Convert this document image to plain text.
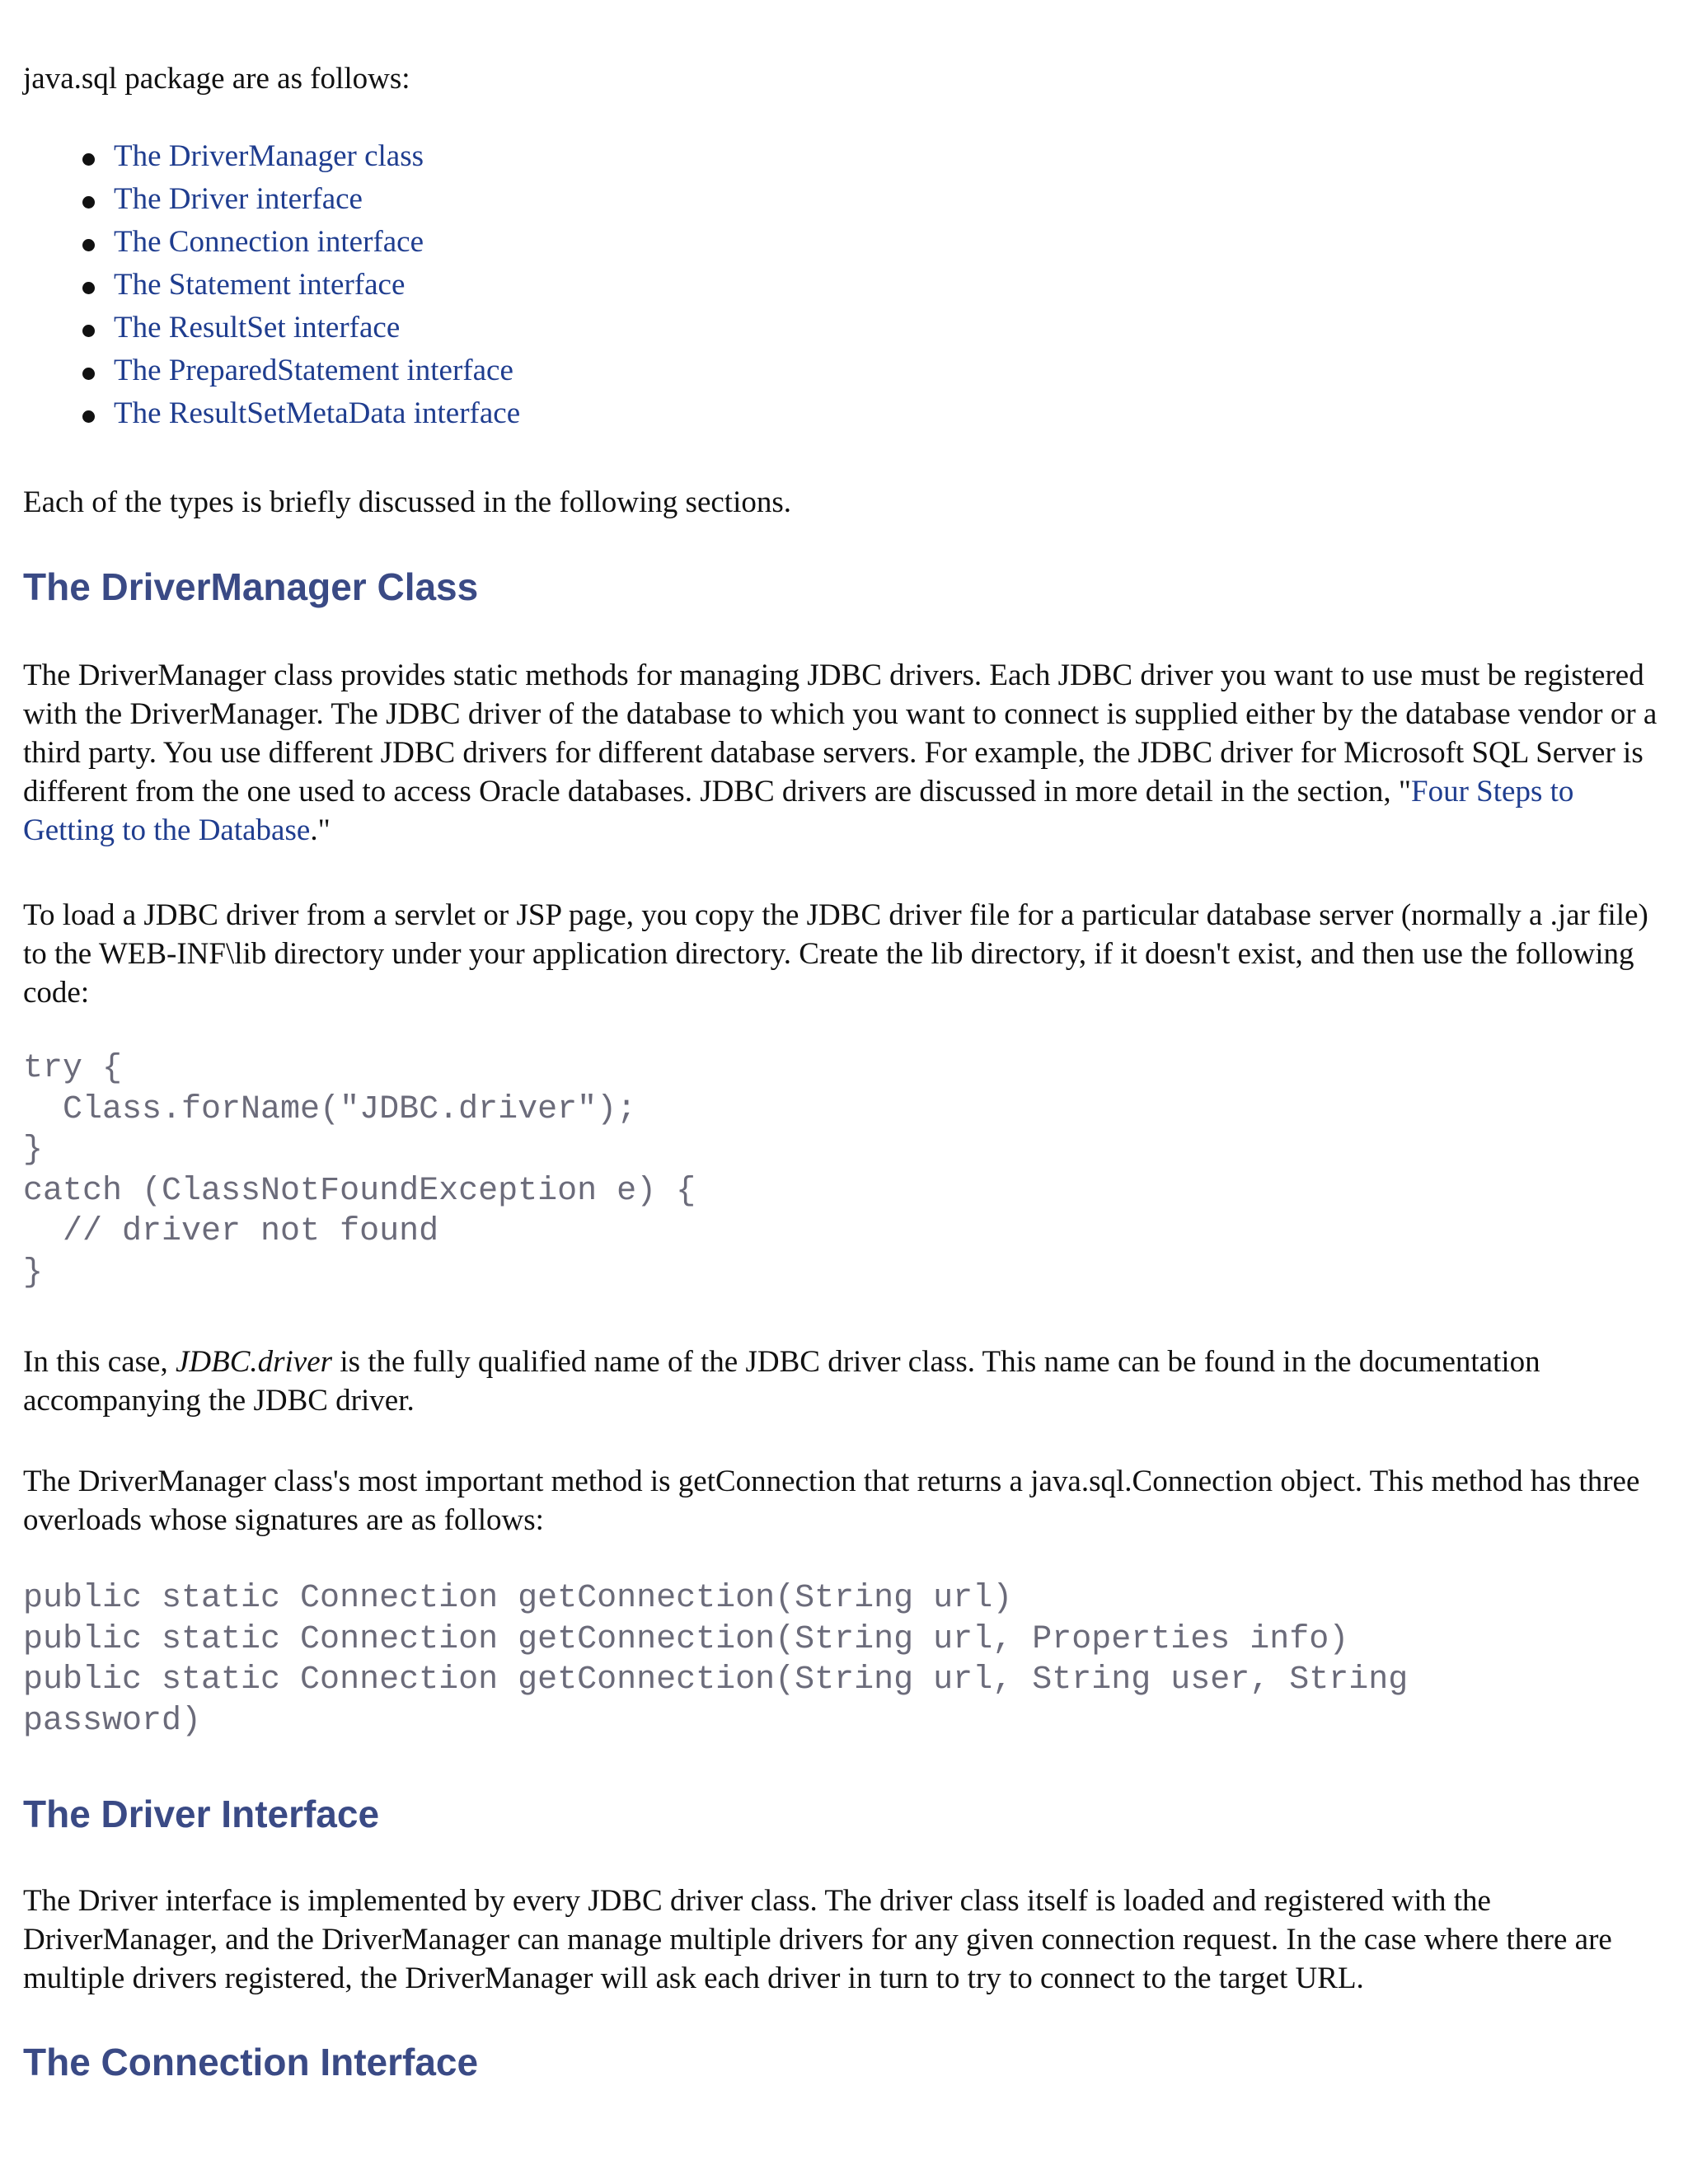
java.sql package are as follows:

The DriverManager class
The Driver interface
The Connection interface
The Statement interface
The ResultSet interface
The PreparedStatement interface
The ResultSetMetaData interface

Each of the types is briefly discussed in the following sections.

The DriverManager Class

The DriverManager class provides static methods for managing JDBC drivers. Each JDBC driver you want to use must be registered with the DriverManager. The JDBC driver of the database to which you want to connect is supplied either by the database vendor or a third party. You use different JDBC drivers for different database servers. For example, the JDBC driver for Microsoft SQL Server is different from the one used to access Oracle databases. JDBC drivers are discussed in more detail in the section, "Four Steps to Getting to the Database."

To load a JDBC driver from a servlet or JSP page, you copy the JDBC driver file for a particular database server (normally a .jar file) to the WEB-INF\lib directory under your application directory. Create the lib directory, if it doesn't exist, and then use the following code:

try {
Class.forName("JDBC.driver");
}
catch (ClassNotFoundException e) {
// driver not found
}

In this case, JDBC.driver is the fully qualified name of the JDBC driver class. This name can be found in the documentation accompanying the JDBC driver.

The DriverManager class's most important method is getConnection that returns a java.sql.Connection object. This method has three overloads whose signatures are as follows:

public static Connection getConnection(String url)
public static Connection getConnection(String url, Properties info)
public static Connection getConnection(String url, String user, String
password)
The Driver Interface

The Driver interface is implemented by every JDBC driver class. The driver class itself is loaded and registered with the DriverManager, and the DriverManager can manage multiple drivers for any given connection request. In the case where there are multiple drivers registered, the DriverManager will ask each driver in turn to try to connect to the target URL.

The Connection Interface
